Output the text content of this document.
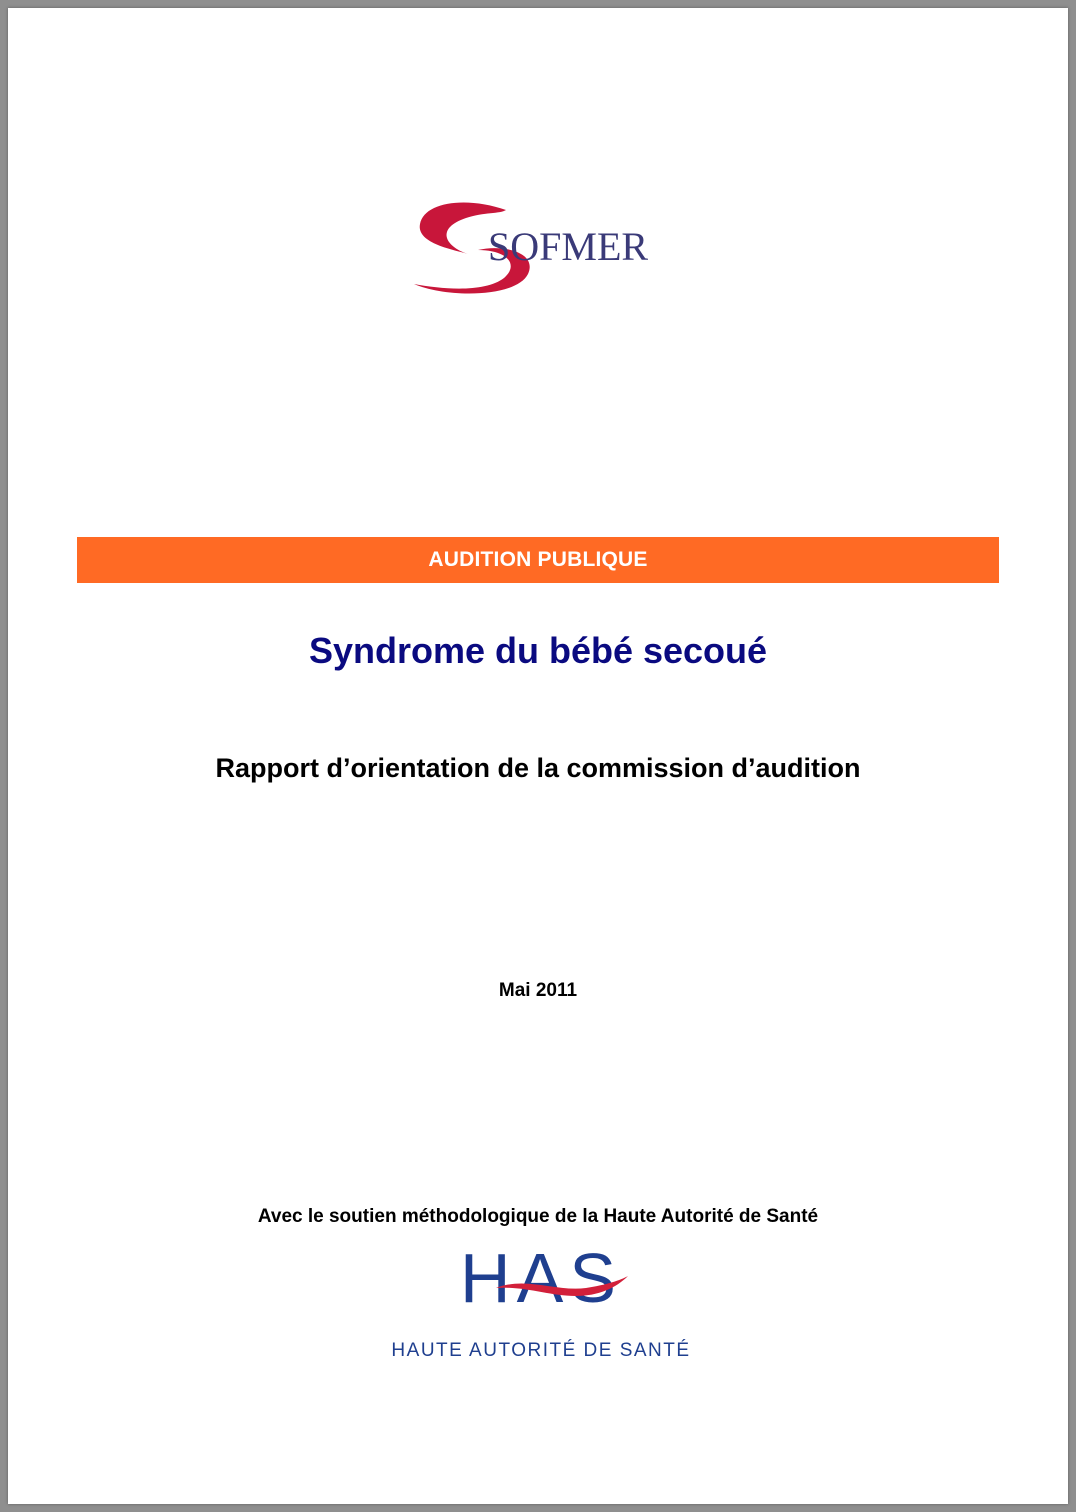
SOFMER
AUDITION PUBLIQUE
Syndrome du bébé secoué
Rapport d’orientation de la commission d’audition
Mai 2011
Avec le soutien méthodologique de la Haute Autorité de Santé
HAS
HAUTE AUTORITÉ DE SANTÉ
